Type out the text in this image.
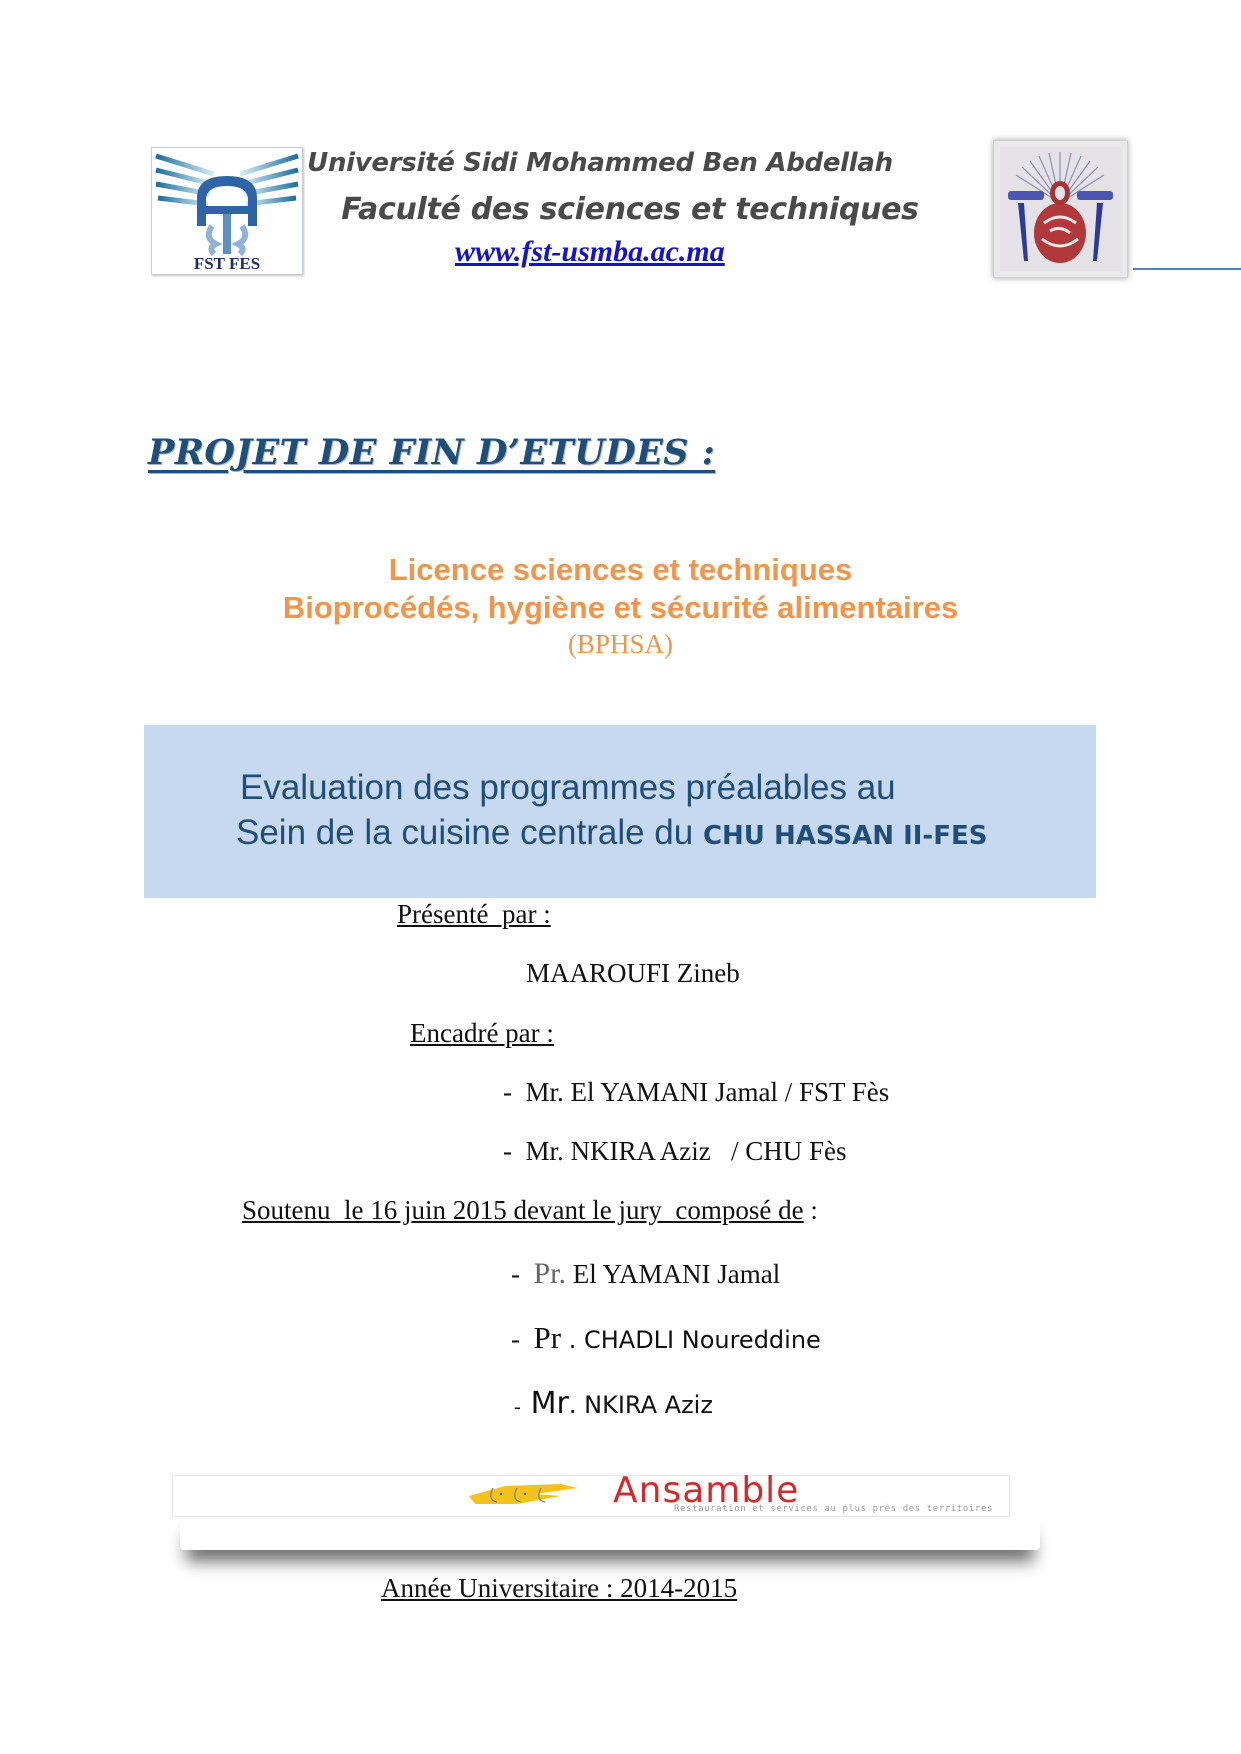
FST FES
Université Sidi Mohammed Ben Abdellah
Faculté des sciences et techniques
www.fst-usmba.ac.ma
PROJET DE FIN D’ETUDES :
Licence sciences et techniques
Bioprocédés, hygiène et sécurité alimentaires
(BPHSA)
Evaluation des programmes préalables au
Sein de la cuisine centrale du CHU HASSAN II-FES
Présenté  par :
MAAROUFI Zineb
Encadré par :
-  Mr. El YAMANI Jamal / FST Fès
-  Mr. NKIRA Aziz   / CHU Fès
Soutenu  le 16 juin 2015 devant le jury  composé de :
-  Pr. El YAMANI Jamal
-  Pr . CHADLI Noureddine
-  Mr. NKIRA Aziz
Ansamble
Restauration et services au plus près des territoires
Année Universitaire : 2014-2015
